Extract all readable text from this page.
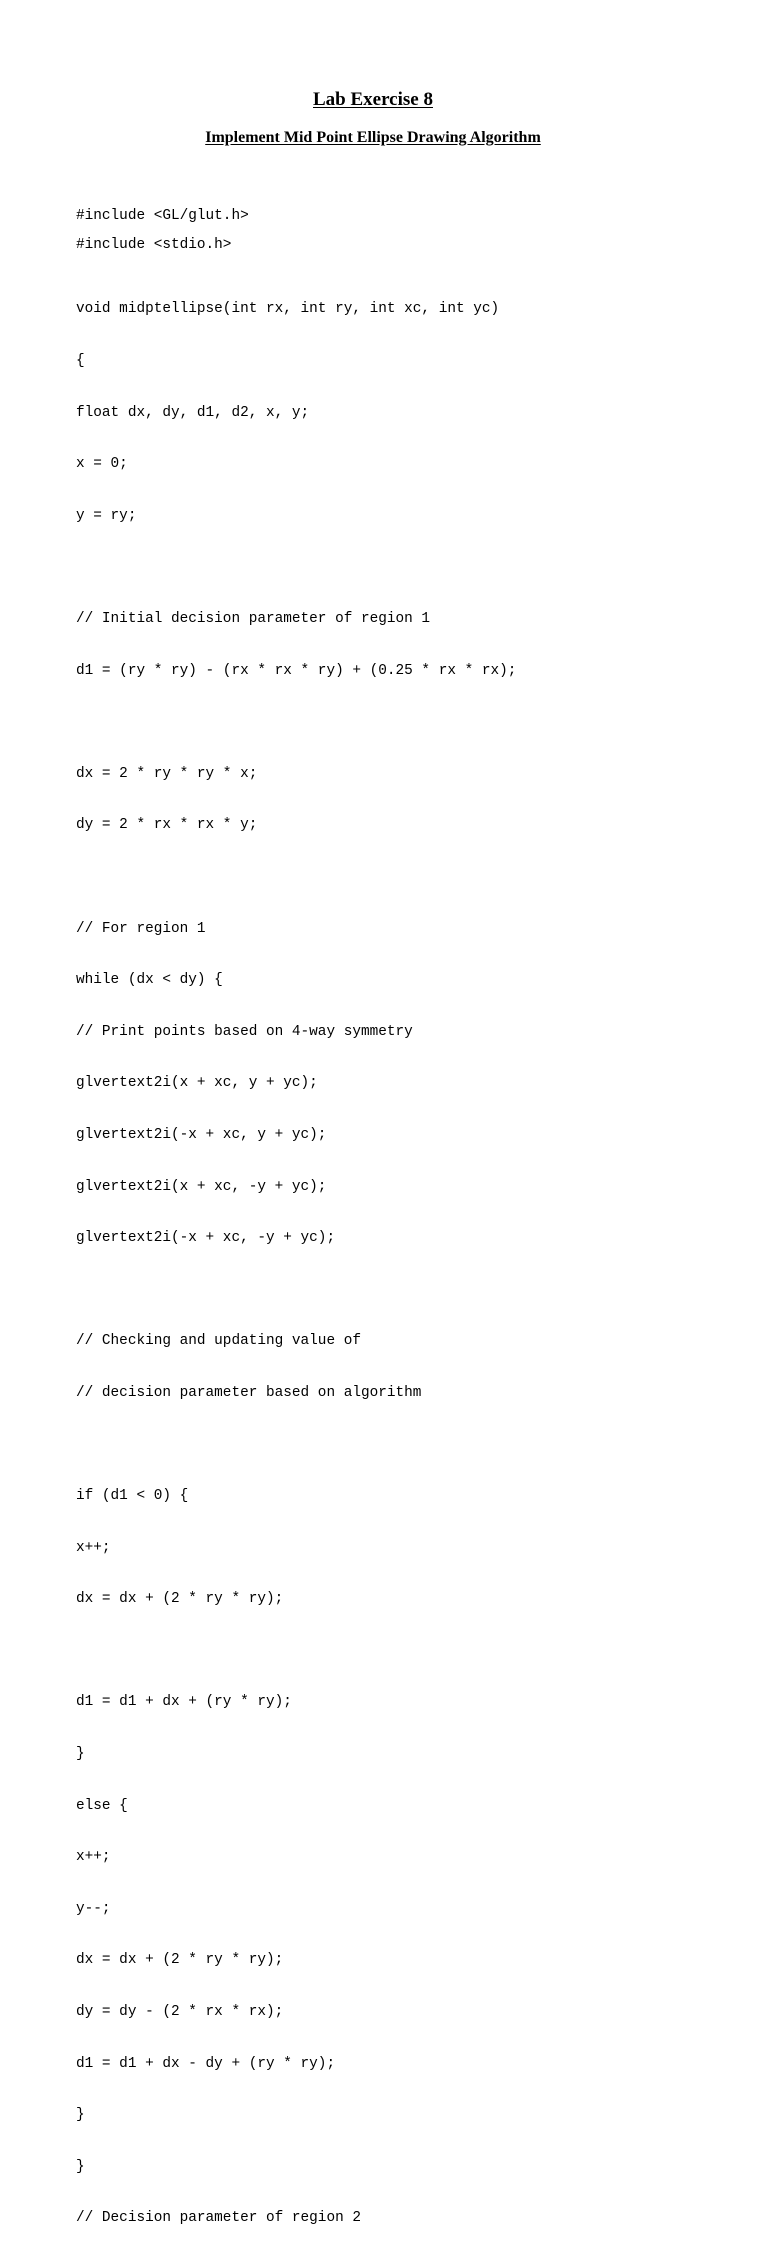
Lab Exercise 8
Implement Mid Point Ellipse Drawing Algorithm
#include <GL/glut.h>
#include <stdio.h>

void midptellipse(int rx, int ry, int xc, int yc)

{

float dx, dy, d1, d2, x, y;

x = 0;

y = ry;

// Initial decision parameter of region 1

d1 = (ry * ry) - (rx * rx * ry) + (0.25 * rx * rx);

dx = 2 * ry * ry * x;

dy = 2 * rx * rx * y;

// For region 1

while (dx < dy) {

// Print points based on 4-way symmetry

glvertext2i(x + xc, y + yc);

glvertext2i(-x + xc, y + yc);

glvertext2i(x + xc, -y + yc);

glvertext2i(-x + xc, -y + yc);

// Checking and updating value of

// decision parameter based on algorithm

if (d1 < 0) {

x++;

dx = dx + (2 * ry * ry);

d1 = d1 + dx + (ry * ry);

}

else {

x++;

y--;

dx = dx + (2 * ry * ry);

dy = dy - (2 * rx * rx);

d1 = d1 + dx - dy + (ry * ry);

}

}

// Decision parameter of region 2
